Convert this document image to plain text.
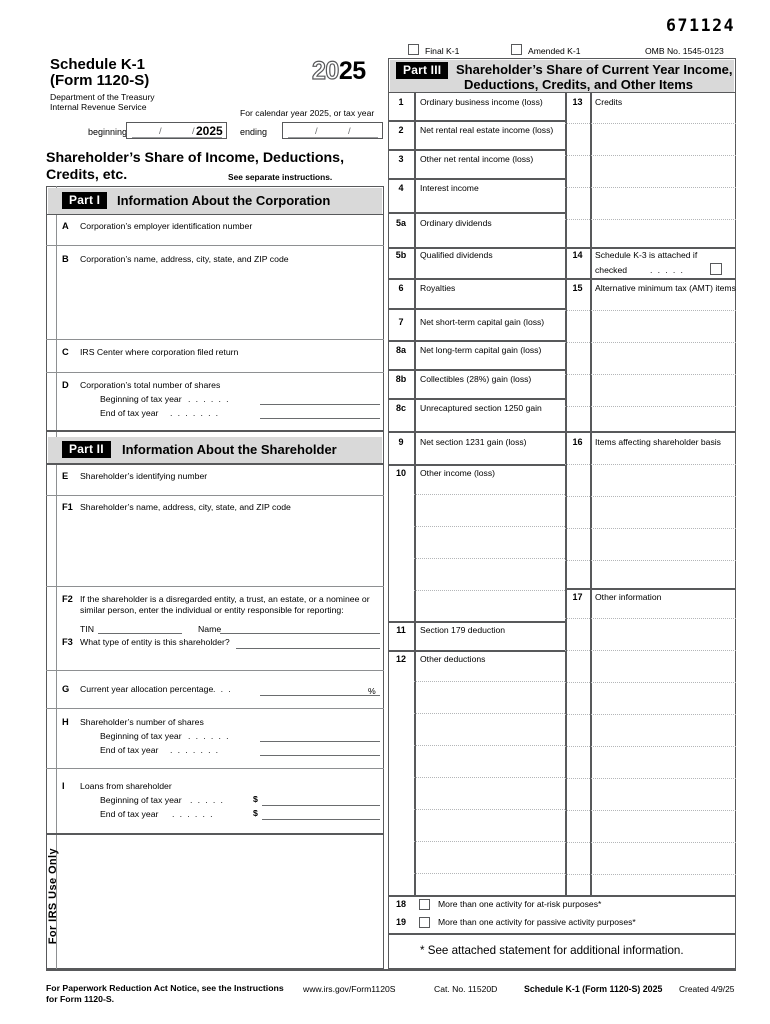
671124
Schedule K-1
(Form 1120-S)
Department of the Treasury
Internal Revenue Service
2025
For calendar year 2025, or tax year
beginning	/	/ 2025 ending	/	/
Shareholder’s Share of Income, Deductions,
Credits, etc.	See separate instructions.
Final K-1	Amended K-1	OMB No. 1545-0123
Part I	Information About the Corporation
A Corporation’s employer identification number
B Corporation’s name, address, city, state, and ZIP code
C IRS Center where corporation filed return
D Corporation’s total number of shares
Beginning of tax year ......
End of tax year .......
Part II	Information About the Shareholder
E Shareholder’s identifying number
F1 Shareholder’s name, address, city, state, and ZIP code
F2 If the shareholder is a disregarded entity, a trust, an estate, or a nominee or
similar person, enter the individual or entity responsible for reporting:
TIN	Name
F3 What type of entity is this shareholder?
G Current year allocation percentage ...	%
H Shareholder’s number of shares
Beginning of tax year ......
End of tax year .......
I Loans from shareholder
Beginning of tax year .....	$
End of tax year ......	$
For IRS Use Only
Part III	Shareholder’s Share of Current Year Income,
Deductions, Credits, and Other Items
1	Ordinary business income (loss)
2	Net rental real estate income (loss)
3	Other net rental income (loss)
4	Interest income
5a	Ordinary dividends
5b	Qualified dividends
6	Royalties
7	Net short-term capital gain (loss)
8a	Net long-term capital gain (loss)
8b	Collectibles (28%) gain (loss)
8c	Unrecaptured section 1250 gain
9	Net section 1231 gain (loss)
10	Other income (loss)
11	Section 179 deduction
12	Other deductions
13	Credits
14	Schedule K-3 is attached if
checked	.....
15	Alternative minimum tax (AMT) items
16	Items affecting shareholder basis
17	Other information
18	More than one activity for at-risk purposes*
19	More than one activity for passive activity purposes*
* See attached statement for additional information.
For Paperwork Reduction Act Notice, see the Instructions
for Form 1120-S.
www.irs.gov/Form1120S	Cat. No. 11520D	Schedule K-1 (Form 1120-S) 2025 Created 4/9/25
